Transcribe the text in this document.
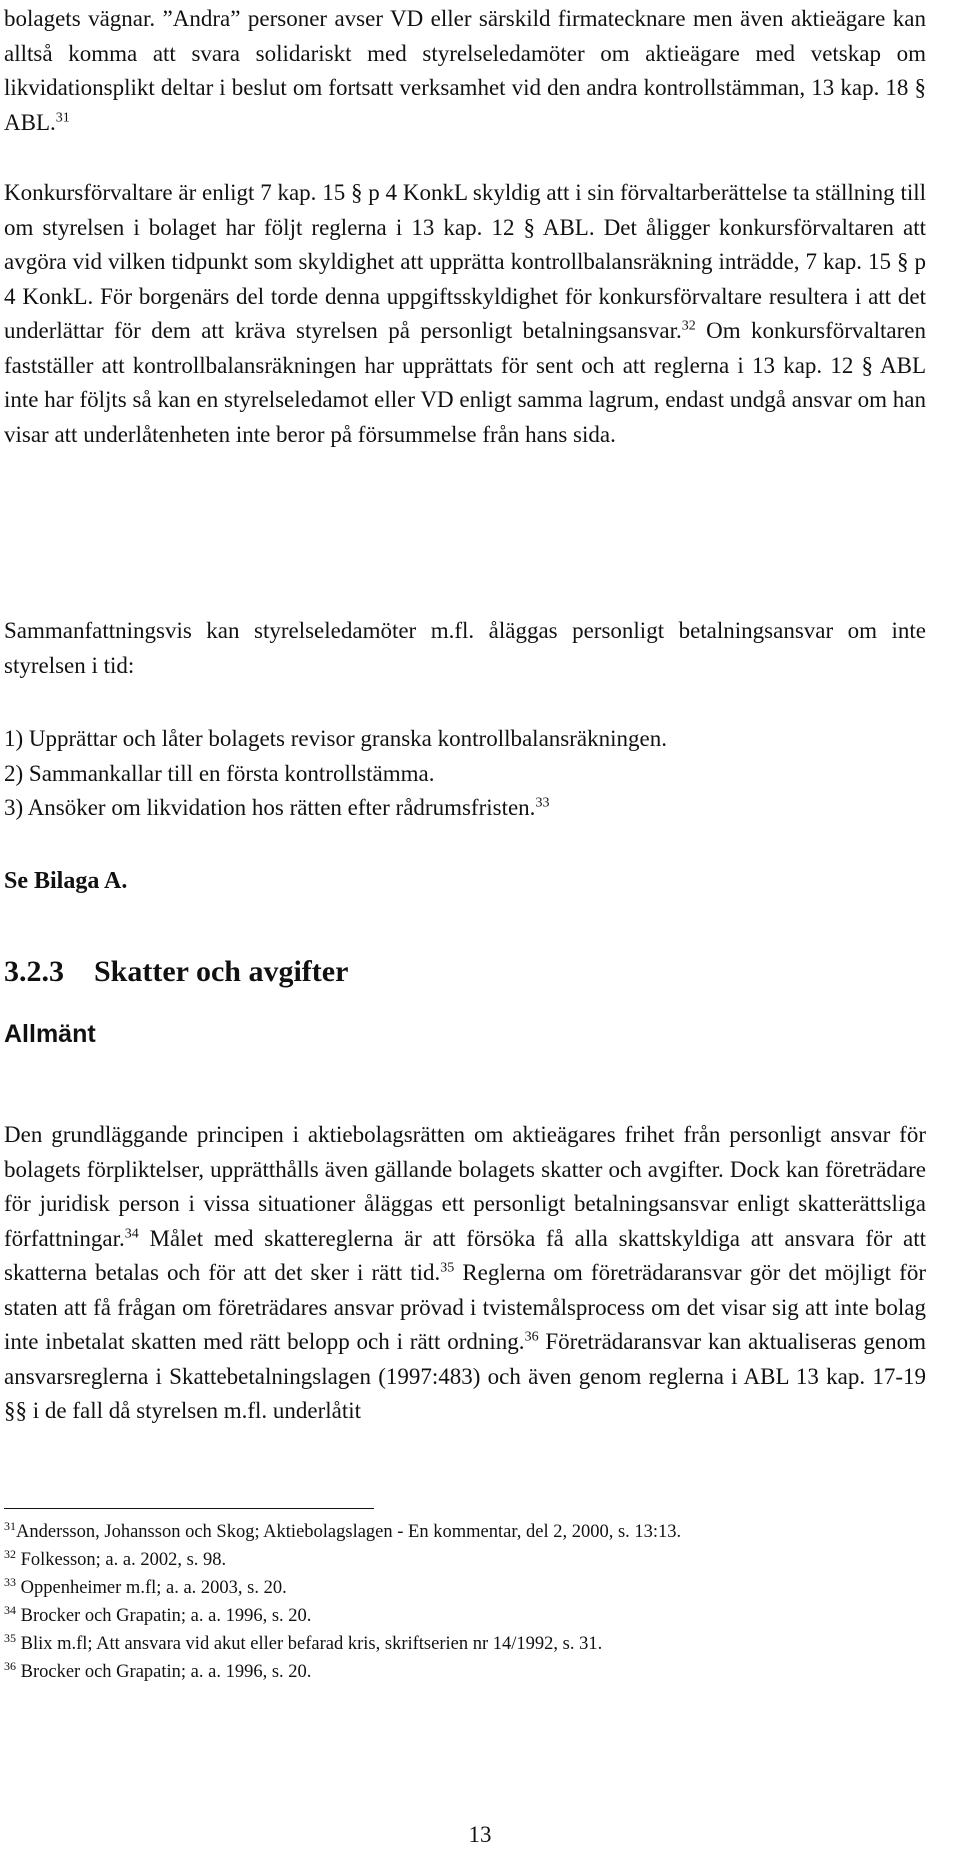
bolagets vägnar. ”Andra” personer avser VD eller särskild firmatecknare men även aktieägare kan alltså komma att svara solidariskt med styrelseledamöter om aktieägare med vetskap om likvidationsplikt deltar i beslut om fortsatt verksamhet vid den andra kontrollstämman, 13 kap. 18 § ABL.$^{31}$

Konkursförvaltare är enligt 7 kap. 15 § p 4 KonkL skyldig att i sin förvaltarberättelse ta ställning till om styrelsen i bolaget har följt reglerna i 13 kap. 12 § ABL. Det åligger konkursförvaltaren att avgöra vid vilken tidpunkt som skyldighet att upprätta kontrollbalansräkning inträdde, 7 kap. 15 § p 4 KonkL. För borgenärs del torde denna uppgiftsskyldighet för konkursförvaltare resultera i att det underlättar för dem att kräva styrelsen på personligt betalningsansvar.$^{32}$ Om konkursförvaltaren fastställer att kontrollbalansräkningen har upprättats för sent och att reglerna i 13 kap. 12 § ABL inte har följts så kan en styrelseledamot eller VD enligt samma lagrum, endast undgå ansvar om han visar att underlåtenheten inte beror på försummelse från hans sida.

Sammanfattningsvis kan styrelseledamöter m.fl. åläggas personligt betalningsansvar om inte styrelsen i tid:

1) Upprättar och låter bolagets revisor granska kontrollbalansräkningen.
2) Sammankallar till en första kontrollstämma.
3) Ansöker om likvidation hos rätten efter rådrumsfristen.$^{33}$

Se Bilaga A.

3.2.3 Skatter och avgifter
Allmänt

Den grundläggande principen i aktiebolagsrätten om aktieägares frihet från personligt ansvar för bolagets förpliktelser, upprätthålls även gällande bolagets skatter och avgifter. Dock kan företrädare för juridisk person i vissa situationer åläggas ett personligt betalningsansvar enligt skatterättsliga författningar.$^{34}$ Målet med skattereglerna är att försöka få alla skattskyldiga att ansvara för att skatterna betalas och för att det sker i rätt tid.$^{35}$ Reglerna om företrädaransvar gör det möjligt för staten att få frågan om företrädares ansvar prövad i tvistemålsprocess om det visar sig att inte bolag inte inbetalat skatten med rätt belopp och i rätt ordning.$^{36}$ Företrädaransvar kan aktualiseras genom ansvarsreglerna i Skattebetalningslagen (1997:483) och även genom reglerna i ABL 13 kap. 17-19 §§ i de fall då styrelsen m.fl. underlåtit

$^{31}$Andersson, Johansson och Skog; Aktiebolagslagen - En kommentar, del 2, 2000, s. 13:13.
$^{32}$ Folkesson; a. a. 2002, s. 98.
$^{33}$ Oppenheimer m.fl; a. a. 2003, s. 20.
$^{34}$ Brocker och Grapatin; a. a. 1996, s. 20.
$^{35}$ Blix m.fl; Att ansvara vid akut eller befarad kris, skriftserien nr 14/1992, s. 31.
$^{36}$ Brocker och Grapatin; a. a. 1996, s. 20.
13
